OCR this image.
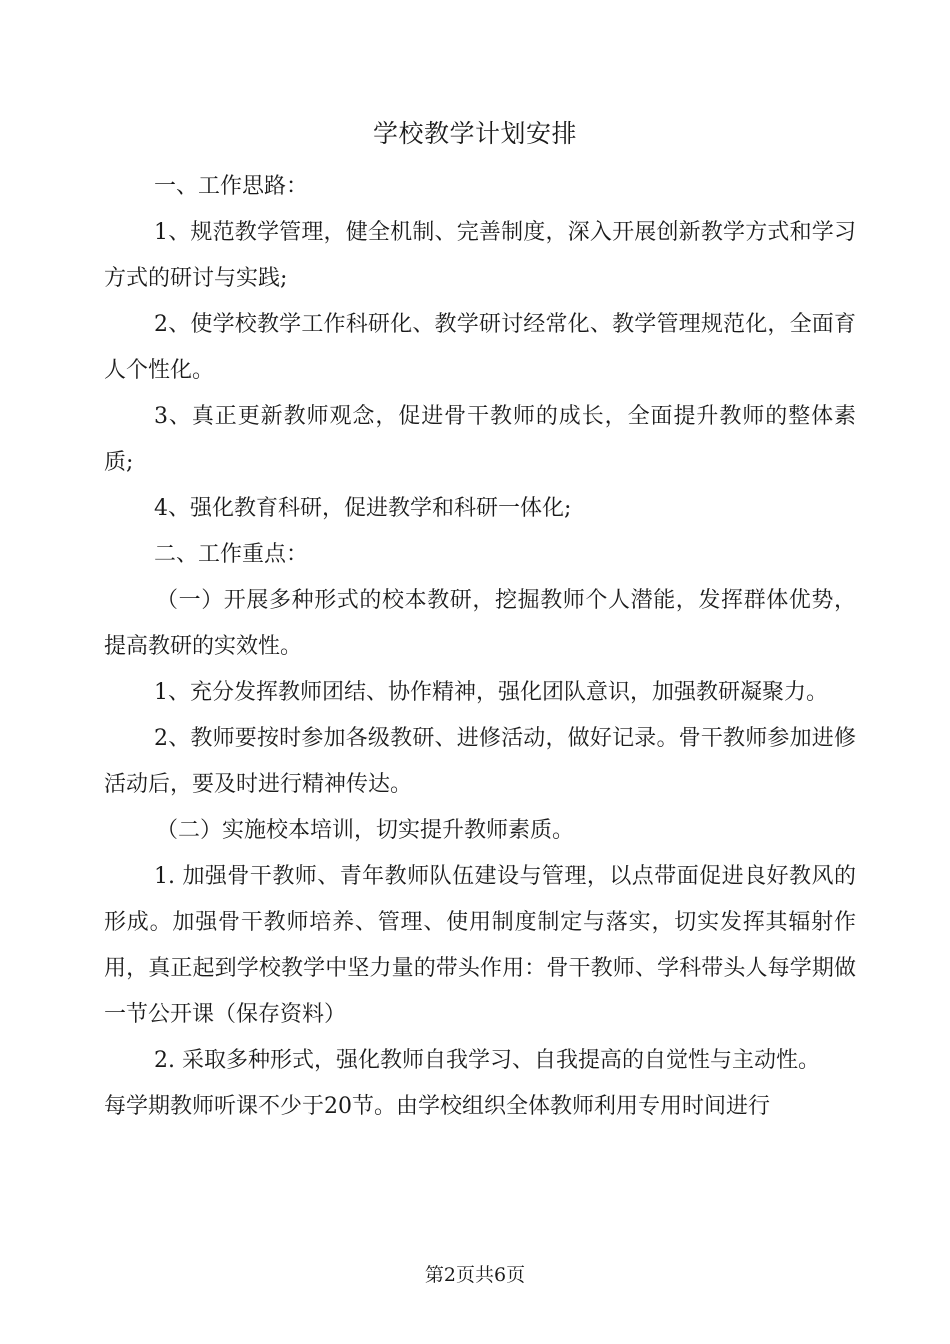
学校教学计划安排

一、工作思路：

1、规范教学管理，健全机制、完善制度，深入开展创新教学方式和学习方式的研讨与实践;

2、使学校教学工作科研化、教学研讨经常化、教学管理规范化，全面育人个性化。

3、真正更新教师观念，促进骨干教师的成长，全面提升教师的整体素质;

4、强化教育科研，促进教学和科研一体化;

二、工作重点：

（一）开展多种形式的校本教研，挖掘教师个人潜能，发挥群体优势，提高教研的实效性。

1、充分发挥教师团结、协作精神，强化团队意识，加强教研凝聚力。

2、教师要按时参加各级教研、进修活动，做好记录。骨干教师参加进修活动后，要及时进行精神传达。

（二）实施校本培训，切实提升教师素质。

1. 加强骨干教师、青年教师队伍建设与管理，以点带面促进良好教风的形成。加强骨干教师培养、管理、使用制度制定与落实，切实发挥其辐射作用，真正起到学校教学中坚力量的带头作用：骨干教师、学科带头人每学期做一节公开课（保存资料）

2. 采取多种形式，强化教师自我学习、自我提高的自觉性与主动性。

每学期教师听课不少于20节。由学校组织全体教师利用专用时间进行

第2页共6页
